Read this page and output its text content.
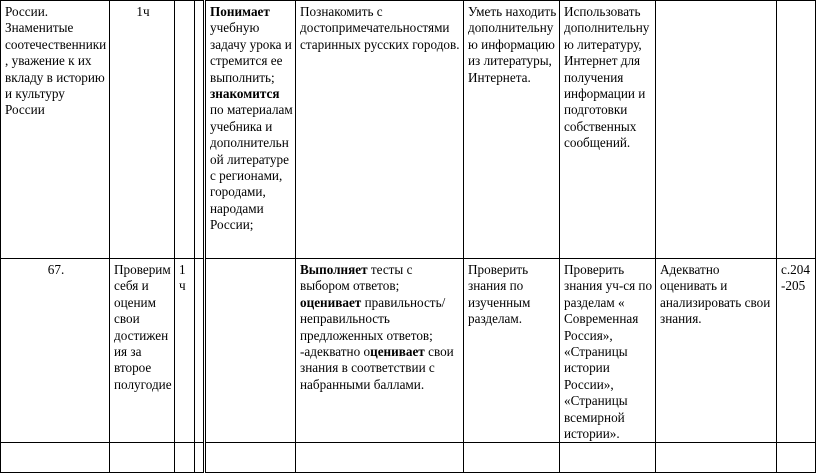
России. Знаменитые соотечественники, уважение к их вкладу в историю и культуру России	1ч			Понимает учебную задачу урока и стремится ее выполнить;
знакомится по материалам учебника и дополнительной литературе с регионами, городами, народами России;	Познакомить с достопримечательностями старинных русских городов.	Уметь находить дополнительную информацию из литературы, Интернета.	Использовать дополнительную литературу, Интернет для получения информации и подготовки собственных сообщений.		
67.	Проверим себя и оценим свои достижения за второе полугодие	1 ч			Выполняет тесты с выбором ответов;
оценивает правильность/неправильность предложенных ответов;
-адекватно оценивает свои знания в соответствии с набранными баллами.	Проверить знания по изученным разделам.	Проверить знания уч-ся по разделам « Современная Россия», «Страницы истории России», «Страницы всемирной истории».	Адекватно оценивать и анализировать свои знания.	с.204-205
